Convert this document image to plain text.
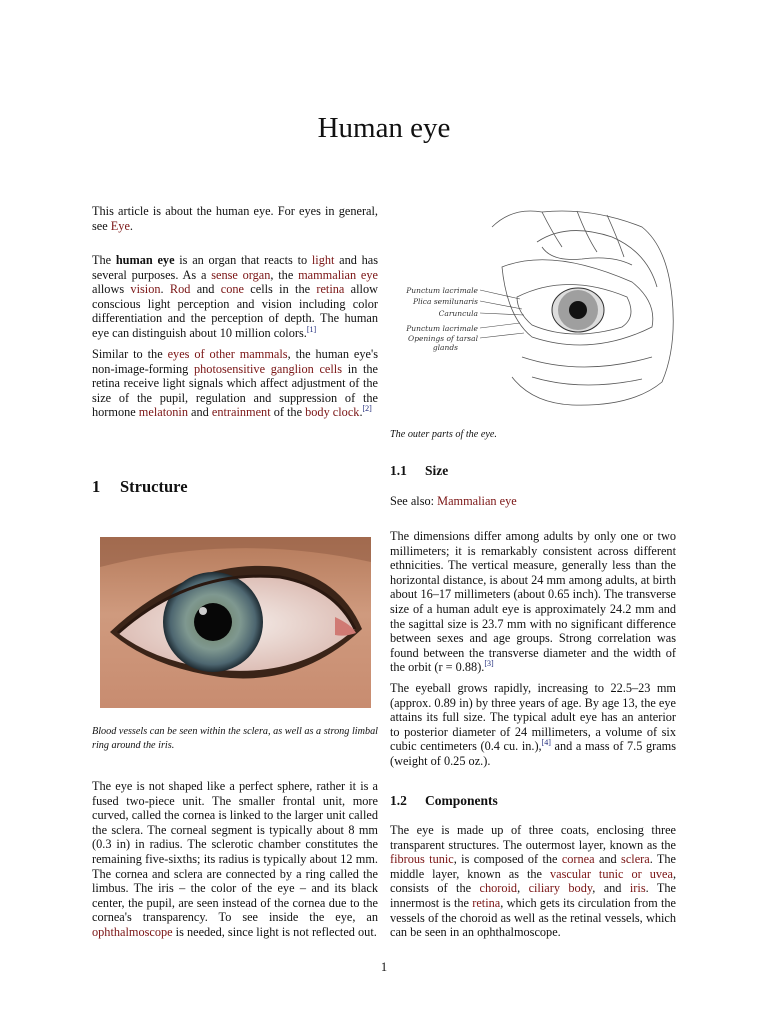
Human eye

This article is about the human eye. For eyes in general, see Eye.

The human eye is an organ that reacts to light and has several purposes. As a sense organ, the mammalian eye allows vision. Rod and cone cells in the retina allow conscious light perception and vision including color differentiation and the perception of depth. The human eye can distinguish about 10 million colors.[1]

Similar to the eyes of other mammals, the human eye's non-image-forming photosensitive ganglion cells in the retina receive light signals which affect adjustment of the size of the pupil, regulation and suppression of the hormone melatonin and entrainment of the body clock.[2]

1 Structure

Blood vessels can be seen within the sclera, as well as a strong limbal ring around the iris.

The eye is not shaped like a perfect sphere, rather it is a fused two-piece unit. The smaller frontal unit, more curved, called the cornea is linked to the larger unit called the sclera. The corneal segment is typically about 8 mm (0.3 in) in radius. The sclerotic chamber constitutes the remaining five-sixths; its radius is typically about 12 mm. The cornea and sclera are connected by a ring called the limbus. The iris – the color of the eye – and its black center, the pupil, are seen instead of the cornea due to the cornea's transparency. To see inside the eye, an ophthalmoscope is needed, since light is not reflected out.

Punctum lacrimale
Plica semilunaris
Caruncula
Punctum lacrimale
Openings of tarsal
glands

The outer parts of the eye.

1.1 Size

See also: Mammalian eye

The dimensions differ among adults by only one or two millimeters; it is remarkably consistent across different ethnicities. The vertical measure, generally less than the horizontal distance, is about 24 mm among adults, at birth about 16–17 millimeters (about 0.65 inch). The transverse size of a human adult eye is approximately 24.2 mm and the sagittal size is 23.7 mm with no significant difference between sexes and age groups. Strong correlation was found between the transverse diameter and the width of the orbit (r = 0.88).[3]

The eyeball grows rapidly, increasing to 22.5–23 mm (approx. 0.89 in) by three years of age. By age 13, the eye attains its full size. The typical adult eye has an anterior to posterior diameter of 24 millimeters, a volume of six cubic centimeters (0.4 cu. in.),[4] and a mass of 7.5 grams (weight of 0.25 oz.).

1.2 Components

The eye is made up of three coats, enclosing three transparent structures. The outermost layer, known as the fibrous tunic, is composed of the cornea and sclera. The middle layer, known as the vascular tunic or uvea, consists of the choroid, ciliary body, and iris. The innermost is the retina, which gets its circulation from the vessels of the choroid as well as the retinal vessels, which can be seen in an ophthalmoscope.

1
